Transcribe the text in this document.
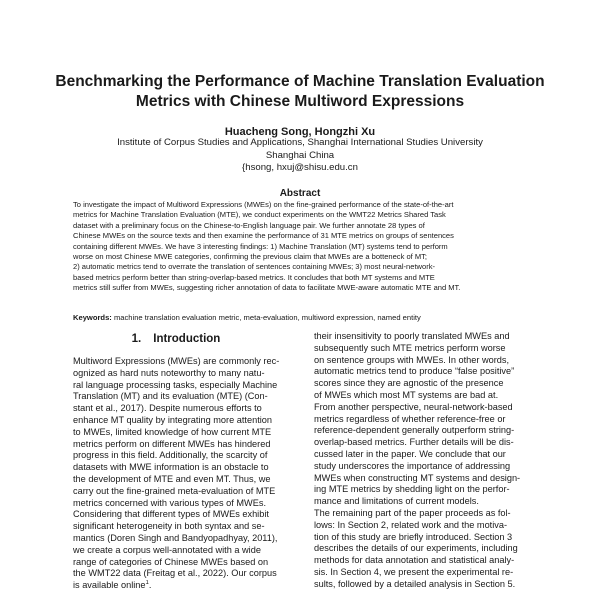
Benchmarking the Performance of Machine Translation Evaluation
Metrics with Chinese Multiword Expressions
Huacheng Song, Hongzhi Xu
Institute of Corpus Studies and Applications, Shanghai International Studies University
Shanghai China
{hsong, hxuj@shisu.edu.cn
Abstract
To investigate the impact of Multiword Expressions (MWEs) on the fine-grained performance of the state-of-the-art
metrics for Machine Translation Evaluation (MTE), we conduct experiments on the WMT22 Metrics Shared Task
dataset with a preliminary focus on the Chinese-to-English language pair. We further annotate 28 types of
Chinese MWEs on the source texts and then examine the performance of 31 MTE metrics on groups of sentences
containing different MWEs. We have 3 interesting findings: 1) Machine Translation (MT) systems tend to perform
worse on most Chinese MWE categories, confirming the previous claim that MWEs are a botteneck of MT;
2) automatic metrics tend to overrate the translation of sentences containing MWEs; 3) most neural-network-
based metrics perform better than string-overlap-based metrics. It concludes that both MT systems and MTE
metrics still suffer from MWEs, suggesting richer annotation of data to facilitate MWE-aware automatic MTE and MT.
Keywords: machine translation evaluation metric, meta-evaluation, multiword expression, named entity
1. Introduction
Multiword Expressions (MWEs) are commonly rec-
ognized as hard nuts noteworthy to many natu-
ral language processing tasks, especially Machine
Translation (MT) and its evaluation (MTE) (Con-
stant et al., 2017). Despite numerous efforts to
enhance MT quality by integrating more attention
to MWEs, limited knowledge of how current MTE
metrics perform on different MWEs has hindered
progress in this field. Additionally, the scarcity of
datasets with MWE information is an obstacle to
the development of MTE and even MT. Thus, we
carry out the fine-grained meta-evaluation of MTE
metrics concerned with various types of MWEs.
Considering that different types of MWEs exhibit
significant heterogeneity in both syntax and se-
mantics (Doren Singh and Bandyopadhyay, 2011),
we create a corpus well-annotated with a wide
range of categories of Chinese MWEs based on
the WMT22 data (Freitag et al., 2022). Our corpus
is available online$^1$.
their insensitivity to poorly translated MWEs and
subsequently such MTE metrics perform worse
on sentence groups with MWEs. In other words,
automatic metrics tend to produce “false positive”
scores since they are agnostic of the presence
of MWEs which most MT systems are bad at.
From another perspective, neural-network-based
metrics regardless of whether reference-free or
reference-dependent generally outperform string-
overlap-based metrics. Further details will be dis-
cussed later in the paper. We conclude that our
study underscores the importance of addressing
MWEs when constructing MT systems and design-
ing MTE metrics by shedding light on the perfor-
mance and limitations of current models.
The remaining part of the paper proceeds as fol-
lows: In Section 2, related work and the motiva-
tion of this study are briefly introduced. Section 3
describes the details of our experiments, including
methods for data annotation and statistical analy-
sis. In Section 4, we present the experimental re-
sults, followed by a detailed analysis in Section 5.
